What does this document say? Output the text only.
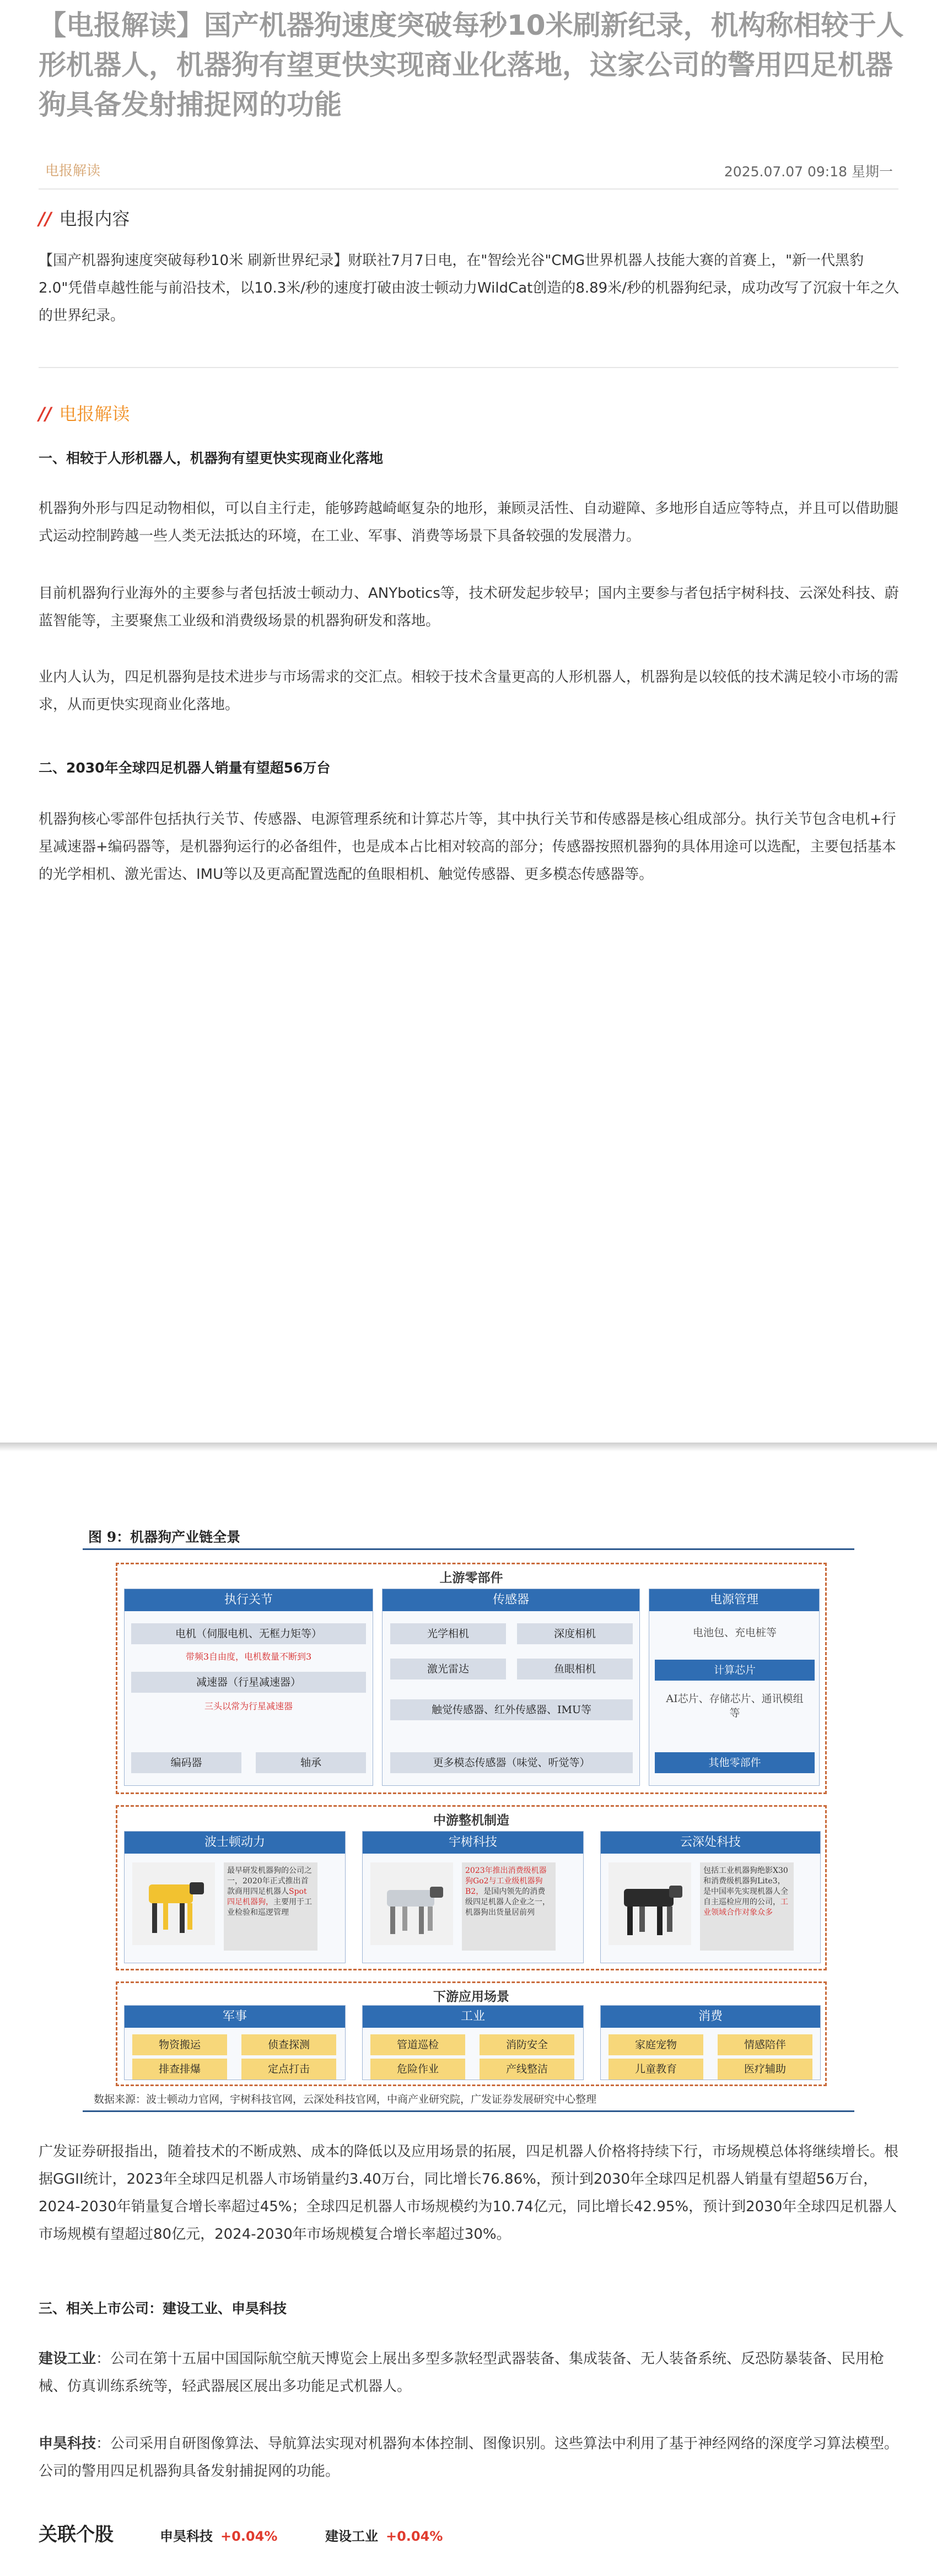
【电报解读】国产机器狗速度突破每秒10米刷新纪录，机构称相较于人形机器人，机器狗有望更快实现商业化落地，这家公司的警用四足机器狗具备发射捕捉网的功能
电报解读	2025.07.07 09:18 星期一
// 电报内容
【国产机器狗速度突破每秒10米 刷新世界纪录】财联社7月7日电，在"智绘光谷"CMG世界机器人技能大赛的首赛上，"新一代黑豹2.0"凭借卓越性能与前沿技术，以10.3米/秒的速度打破由波士顿动力WildCat创造的8.89米/秒的机器狗纪录，成功改写了沉寂十年之久的世界纪录。
// 电报解读
一、相较于人形机器人，机器狗有望更快实现商业化落地
机器狗外形与四足动物相似，可以自主行走，能够跨越崎岖复杂的地形，兼顾灵活性、自动避障、多地形自适应等特点，并且可以借助腿式运动控制跨越一些人类无法抵达的环境，在工业、军事、消费等场景下具备较强的发展潜力。
目前机器狗行业海外的主要参与者包括波士顿动力、ANYbotics等，技术研发起步较早；国内主要参与者包括宇树科技、云深处科技、蔚蓝智能等，主要聚焦工业级和消费级场景的机器狗研发和落地。
业内人认为，四足机器狗是技术进步与市场需求的交汇点。相较于技术含量更高的人形机器人，机器狗是以较低的技术满足较小市场的需求，从而更快实现商业化落地。
二、2030年全球四足机器人销量有望超56万台
机器狗核心零部件包括执行关节、传感器、电源管理系统和计算芯片等，其中执行关节和传感器是核心组成部分。执行关节包含电机+行星减速器+编码器等，是机器狗运行的必备组件，也是成本占比相对较高的部分；传感器按照机器狗的具体用途可以选配，主要包括基本的光学相机、激光雷达、IMU等以及更高配置选配的鱼眼相机、触觉传感器、更多模态传感器等。
图 9：机器狗产业链全景
上游零部件
执行关节
电机（伺服电机、无框力矩等）
带频3自由度，电机数量不断到3
减速器（行星减速器）
三头以常为行星减速器
编码器	轴承
传感器
光学相机	深度相机
激光雷达	鱼眼相机
触觉传感器、红外传感器、IMU等
更多模态传感器（味觉、听觉等）
电源管理
电池包、充电桩等
计算芯片
AI芯片、存储芯片、通讯模组等
其他零部件
中游整机制造
波士顿动力
最早研发机器狗的公司之一，2020年正式推出首款商用四足机器人Spot四足机器狗，主要用于工业检验和巡逻管理
宇树科技
2023年推出消费级机器狗Go2与工业级机器狗B2，是国内领先的消费级四足机器人企业之一，机器狗出货量居前列
云深处科技
包括工业机器狗绝影X30和消费级机器狗Lite3，是中国率先实现机器人全自主巡检应用的公司，工业领域合作对象众多
下游应用场景
军事
物资搬运	侦查探测
排查排爆	定点打击
工业
管道巡检	消防安全
危险作业	产线整洁
消费
家庭宠物	情感陪伴
儿童教育	医疗辅助
数据来源：波士顿动力官网，宇树科技官网，云深处科技官网，中商产业研究院，广发证券发展研究中心整理
广发证券研报指出，随着技术的不断成熟、成本的降低以及应用场景的拓展，四足机器人价格将持续下行，市场规模总体将继续增长。根据GGII统计，2023年全球四足机器人市场销量约3.40万台，同比增长76.86%，预计到2030年全球四足机器人销量有望超56万台，2024-2030年销量复合增长率超过45%；全球四足机器人市场规模约为10.74亿元，同比增长42.95%，预计到2030年全球四足机器人市场规模有望超过80亿元，2024-2030年市场规模复合增长率超过30%。
三、相关上市公司：建设工业、申昊科技
建设工业：公司在第十五届中国国际航空航天博览会上展出多型多款轻型武器装备、集成装备、无人装备系统、反恐防暴装备、民用枪械、仿真训练系统等，轻武器展区展出多功能足式机器人。
申昊科技：公司采用自研图像算法、导航算法实现对机器狗本体控制、图像识别。这些算法中利用了基于神经网络的深度学习算法模型。公司的警用四足机器狗具备发射捕捉网的功能。
关联个股	申昊科技 +0.04%	建设工业 +0.04%
